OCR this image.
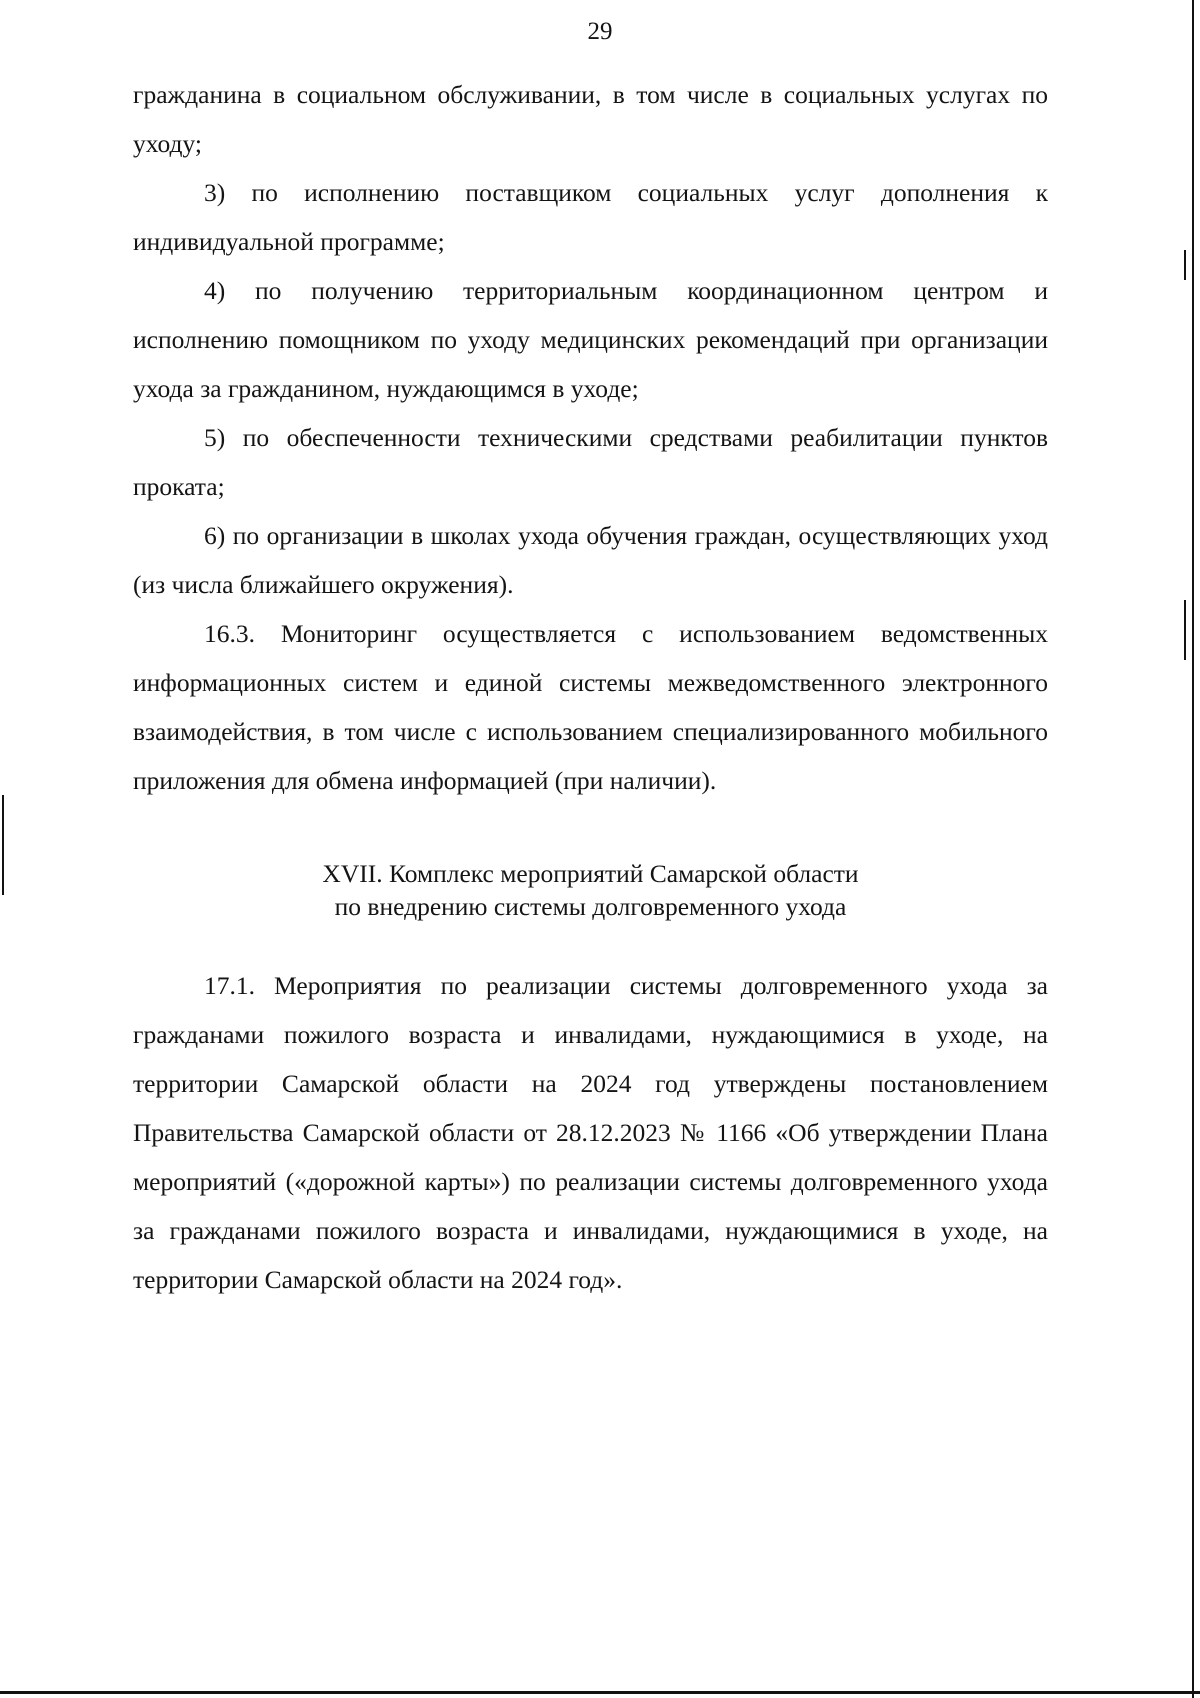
29

гражданина в социальном обслуживании, в том числе в социальных услугах по уходу;

3) по исполнению поставщиком социальных услуг дополнения к индивидуальной программе;

4) по получению территориальным координационном центром и исполнению помощником по уходу медицинских рекомендаций при организации ухода за гражданином, нуждающимся в уходе;

5) по обеспеченности техническими средствами реабилитации пунктов проката;

6) по организации в школах ухода обучения граждан, осуществляющих уход (из числа ближайшего окружения).

16.3. Мониторинг осуществляется с использованием ведомственных информационных систем и единой системы межведомственного электронного взаимодействия, в том числе с использованием специализированного мобильного приложения для обмена информацией (при наличии).

XVII. Комплекс мероприятий Самарской области
по внедрению системы долговременного ухода

17.1. Мероприятия по реализации системы долговременного ухода за гражданами пожилого возраста и инвалидами, нуждающимися в уходе, на территории Самарской области на 2024 год утверждены постановлением Правительства Самарской области от 28.12.2023 № 1166 «Об утверждении Плана мероприятий («дорожной карты») по реализации системы долговременного ухода за гражданами пожилого возраста и инвалидами, нуждающимися в уходе, на территории Самарской области на 2024 год».
